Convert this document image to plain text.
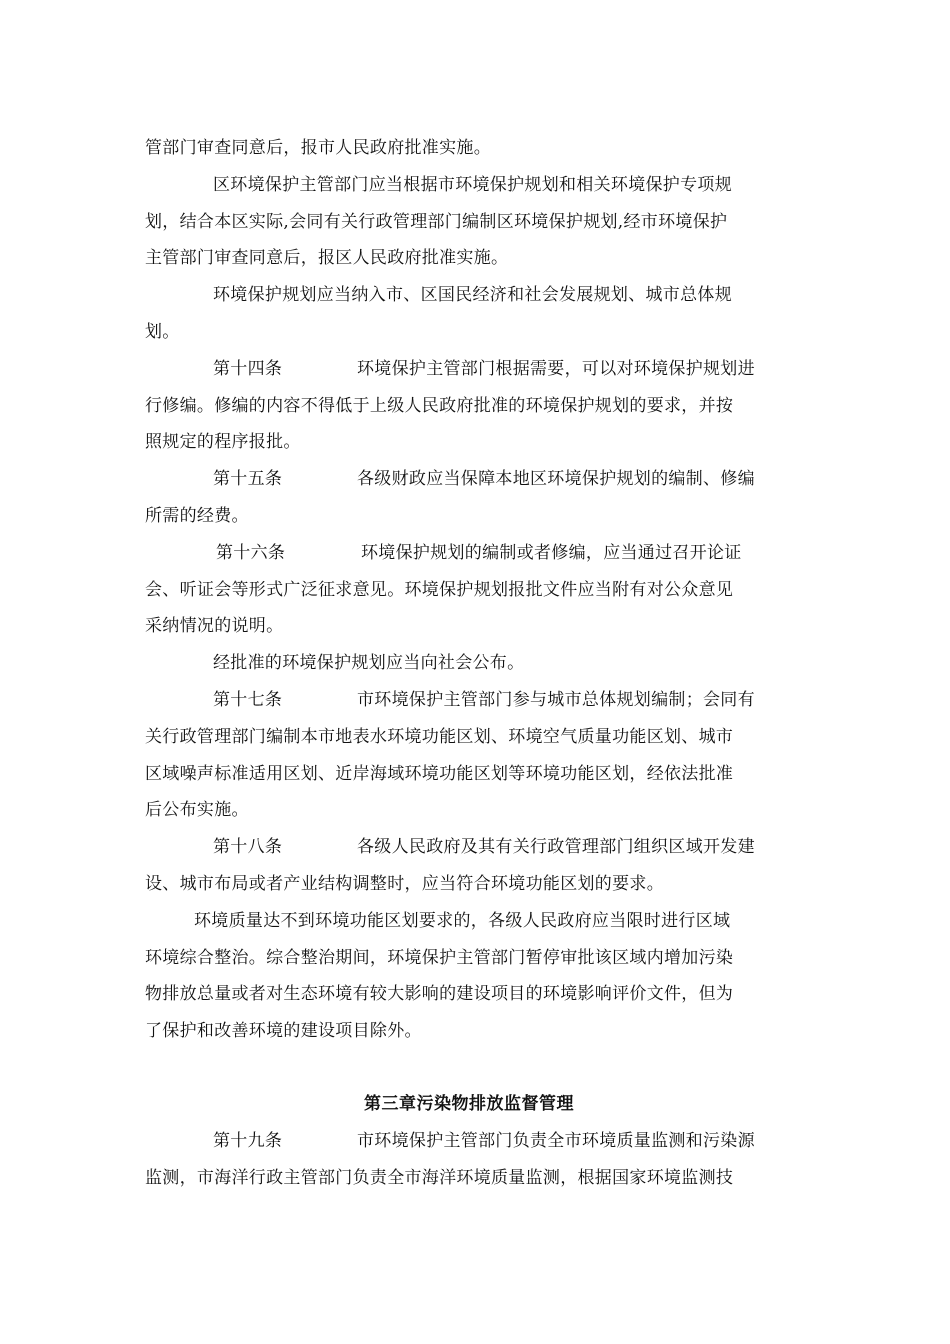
管部门审查同意后，报市人民政府批准实施。
区环境保护主管部门应当根据市环境保护规划和相关环境保护专项规
划，结合本区实际,会同有关行政管理部门编制区环境保护规划,经市环境保护
主管部门审查同意后，报区人民政府批准实施。
环境保护规划应当纳入市、区国民经济和社会发展规划、城市总体规
划。
第十四条	环境保护主管部门根据需要，可以对环境保护规划进
行修编。修编的内容不得低于上级人民政府批准的环境保护规划的要求，并按
照规定的程序报批。
第十五条	各级财政应当保障本地区环境保护规划的编制、修编
所需的经费。
第十六条	环境保护规划的编制或者修编，应当通过召开论证
会、听证会等形式广泛征求意见。环境保护规划报批文件应当附有对公众意见
采纳情况的说明。
经批准的环境保护规划应当向社会公布。
第十七条	市环境保护主管部门参与城市总体规划编制；会同有
关行政管理部门编制本市地表水环境功能区划、环境空气质量功能区划、城市
区域噪声标准适用区划、近岸海域环境功能区划等环境功能区划，经依法批准
后公布实施。
第十八条	各级人民政府及其有关行政管理部门组织区域开发建
设、城市布局或者产业结构调整时，应当符合环境功能区划的要求。
环境质量达不到环境功能区划要求的，各级人民政府应当限时进行区域
环境综合整治。综合整治期间，环境保护主管部门暂停审批该区域内增加污染
物排放总量或者对生态环境有较大影响的建设项目的环境影响评价文件，但为
了保护和改善环境的建设项目除外。
第三章污染物排放监督管理
第十九条	市环境保护主管部门负责全市环境质量监测和污染源
监测，市海洋行政主管部门负责全市海洋环境质量监测，根据国家环境监测技
